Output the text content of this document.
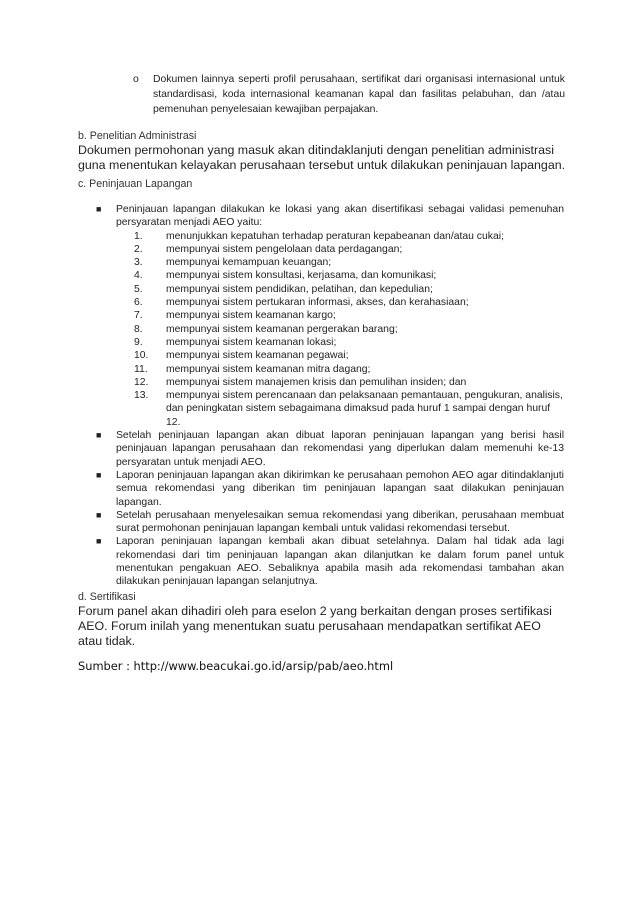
o	Dokumen lainnya seperti profil perusahaan, sertifikat dari organisasi internasional untuk standardisasi, koda internasional keamanan kapal dan fasilitas pelabuhan, dan /atau pemenuhan penyelesaian kewajiban perpajakan.
b. Penelitian Administrasi
Dokumen permohonan yang masuk akan ditindaklanjuti dengan penelitian administrasi guna menentukan kelayakan perusahaan tersebut untuk dilakukan peninjauan lapangan.
c. Peninjauan Lapangan
■ Peninjauan lapangan dilakukan ke lokasi yang akan disertifikasi sebagai validasi pemenuhan persyaratan menjadi AEO yaitu:
1.	menunjukkan kepatuhan terhadap peraturan kepabeanan dan/atau cukai;
2.	mempunyai sistem pengelolaan data perdagangan;
3.	mempunyai kemampuan keuangan;
4.	mempunyai sistem konsultasi, kerjasama, dan komunikasi;
5.	mempunyai sistem pendidikan, pelatihan, dan kepedulian;
6.	mempunyai sistem pertukaran informasi, akses, dan kerahasiaan;
7.	mempunyai sistem keamanan kargo;
8.	mempunyai sistem keamanan pergerakan barang;
9.	mempunyai sistem keamanan lokasi;
10.	mempunyai sistem keamanan pegawai;
11.	mempunyai sistem keamanan mitra dagang;
12.	mempunyai sistem manajemen krisis dan pemulihan insiden; dan
13.	mempunyai sistem perencanaan dan pelaksanaan pemantauan, pengukuran, analisis, dan peningkatan sistem sebagaimana dimaksud pada huruf 1 sampai dengan huruf 12.
■ Setelah peninjauan lapangan akan dibuat laporan peninjauan lapangan yang berisi hasil peninjauan lapangan perusahaan dan rekomendasi yang diperlukan dalam memenuhi ke-13 persyaratan untuk menjadi AEO.
■ Laporan peninjauan lapangan akan dikirimkan ke perusahaan pemohon AEO agar ditindaklanjuti semua rekomendasi yang diberikan tim peninjauan lapangan saat dilakukan peninjauan lapangan.
■ Setelah perusahaan menyelesaikan semua rekomendasi yang diberikan, perusahaan membuat surat permohonan peninjauan lapangan kembali untuk validasi rekomendasi tersebut.
■ Laporan peninjauan lapangan kembali akan dibuat setelahnya. Dalam hal tidak ada lagi rekomendasi dari tim peninjauan lapangan akan dilanjutkan ke dalam forum panel untuk menentukan pengakuan AEO. Sebaliknya apabila masih ada rekomendasi tambahan akan dilakukan peninjauan lapangan selanjutnya.
d. Sertifikasi
Forum panel akan dihadiri oleh para eselon 2 yang berkaitan dengan proses sertifikasi AEO. Forum inilah yang menentukan suatu perusahaan mendapatkan sertifikat AEO atau tidak.
Sumber : http://www.beacukai.go.id/arsip/pab/aeo.html
